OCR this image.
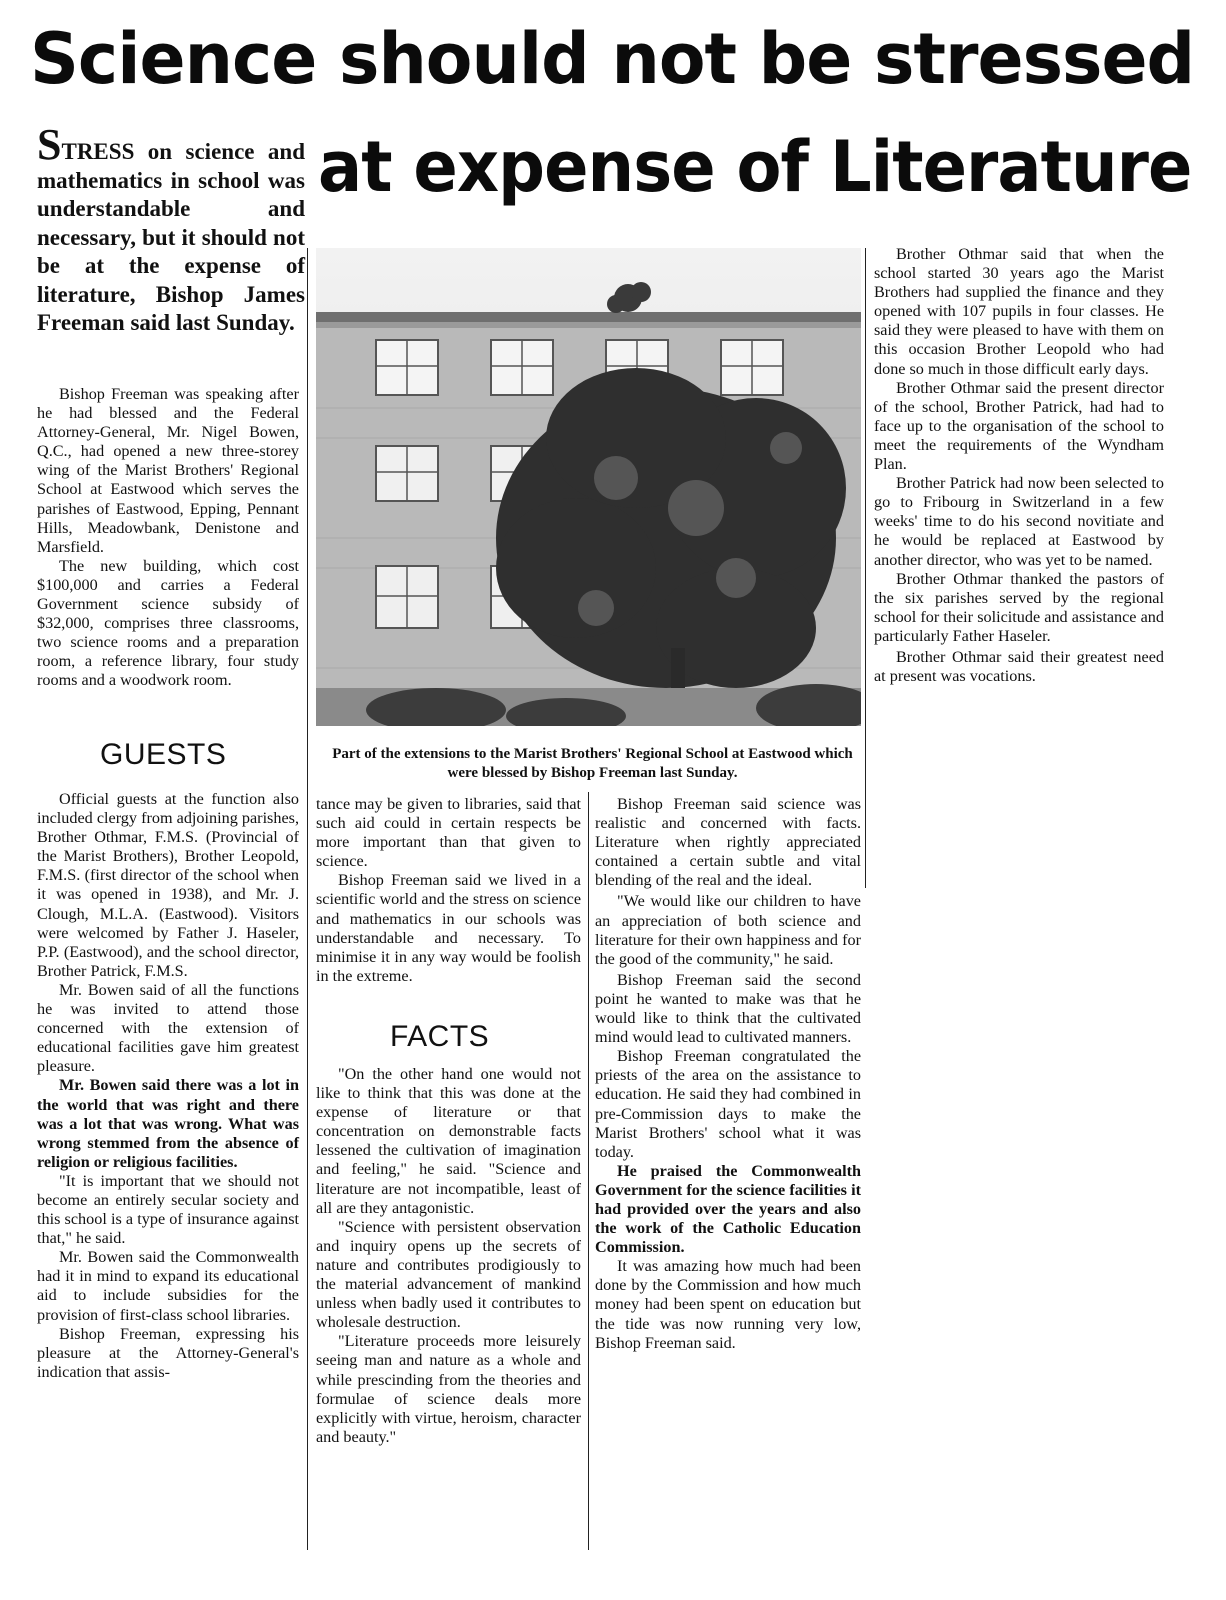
Science should not be stressed
at expense of Literature
STRESS on science and mathematics in school was understandable and necessary, but it should not be at the expense of literature, Bishop James Freeman said last Sunday.

Bishop Freeman was speaking after he had blessed and the Federal Attorney-General, Mr. Nigel Bowen, Q.C., had opened a new three-storey wing of the Marist Brothers' Regional School at Eastwood which serves the parishes of Eastwood, Epping, Pennant Hills, Meadowbank, Denistone and Marsfield.

The new building, which cost $100,000 and carries a Federal Government science subsidy of $32,000, comprises three classrooms, two science rooms and a preparation room, a reference library, four study rooms and a woodwork room.

GUESTS

Official guests at the function also included clergy from adjoining parishes, Brother Othmar, F.M.S. (Provincial of the Marist Brothers), Brother Leopold, F.M.S. (first director of the school when it was opened in 1938), and Mr. J. Clough, M.L.A. (Eastwood). Visitors were welcomed by Father J. Haseler, P.P. (Eastwood), and the school director, Brother Patrick, F.M.S.

Mr. Bowen said of all the functions he was invited to attend those concerned with the extension of educational facilities gave him greatest pleasure.

Mr. Bowen said there was a lot in the world that was right and there was a lot that was wrong. What was wrong stemmed from the absence of religion or religious facilities.

"It is important that we should not become an entirely secular society and this school is a type of insurance against that," he said.

Mr. Bowen said the Commonwealth had it in mind to expand its educational aid to include subsidies for the provision of first-class school libraries.

Bishop Freeman, expressing his pleasure at the Attorney-General's indication that assis-

Part of the extensions to the Marist Brothers' Regional School at Eastwood which were blessed by Bishop Freeman last Sunday.

tance may be given to libraries, said that such aid could in certain respects be more important than that given to science.

Bishop Freeman said we lived in a scientific world and the stress on science and mathematics in our schools was understandable and necessary. To minimise it in any way would be foolish in the extreme.

FACTS

"On the other hand one would not like to think that this was done at the expense of literature or that concentration on demonstrable facts lessened the cultivation of imagination and feeling," he said. "Science and literature are not incompatible, least of all are they antagonistic.

"Science with persistent observation and inquiry opens up the secrets of nature and contributes prodigiously to the material advancement of mankind unless when badly used it contributes to wholesale destruction.

"Literature proceeds more leisurely seeing man and nature as a whole and while prescinding from the theories and formulae of science deals more explicitly with virtue, heroism, character and beauty."

Bishop Freeman said science was realistic and concerned with facts. Literature when rightly appreciated contained a certain subtle and vital blending of the real and the ideal.

"We would like our children to have an appreciation of both science and literature for their own happiness and for the good of the community," he said.

Bishop Freeman said the second point he wanted to make was that he would like to think that the cultivated mind would lead to cultivated manners.

Bishop Freeman congratulated the priests of the area on the assistance to education. He said they had combined in pre-Commission days to make the Marist Brothers' school what it was today.

He praised the Commonwealth Government for the science facilities it had provided over the years and also the work of the Catholic Education Commission.

It was amazing how much had been done by the Commission and how much money had been spent on education but the tide was now running very low, Bishop Freeman said.

Brother Othmar said that when the school started 30 years ago the Marist Brothers had supplied the finance and they opened with 107 pupils in four classes. He said they were pleased to have with them on this occasion Brother Leopold who had done so much in those difficult early days.

Brother Othmar said the present director of the school, Brother Patrick, had had to face up to the organisation of the school to meet the requirements of the Wyndham Plan.

Brother Patrick had now been selected to go to Fribourg in Switzerland in a few weeks' time to do his second novitiate and he would be replaced at Eastwood by another director, who was yet to be named.

Brother Othmar thanked the pastors of the six parishes served by the regional school for their solicitude and assistance and particularly Father Haseler.

Brother Othmar said their greatest need at present was vocations.
